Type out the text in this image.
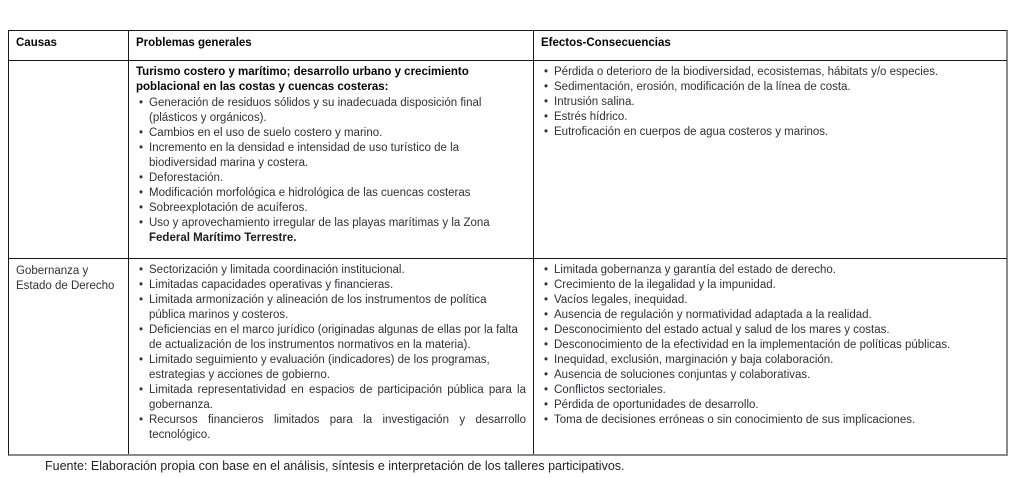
Causas	Problemas generales	Efectos-Consecuencias

Turismo costero y marítimo; desarrollo urbano y crecimiento poblacional en las costas y cuencas costeras:

• Generación de residuos sólidos y su inadecuada disposición final (plásticos y orgánicos).
• Cambios en el uso de suelo costero y marino.
• Incremento en la densidad e intensidad de uso turístico de la biodiversidad marina y costera.
• Deforestación.
• Modificación morfológica e hidrológica de las cuencas costeras
• Sobreexplotación de acuíferos.
• Uso y aprovechamiento irregular de las playas marítimas y la Zona Federal Marítimo Terrestre.
• Pérdida o deterioro de la biodiversidad, ecosistemas, hábitats y/o especies.
• Sedimentación, erosión, modificación de la línea de costa.
• Intrusión salina.
• Estrés hídrico.
• Eutroficación en cuerpos de agua costeros y marinos.
Gobernanza y Estado de Derecho
• Sectorización y limitada coordinación institucional.
• Limitadas capacidades operativas y financieras.
• Limitada armonización y alineación de los instrumentos de política pública marinos y costeros.
• Deficiencias en el marco jurídico (originadas algunas de ellas por la falta de actualización de los instrumentos normativos en la materia).
• Limitado seguimiento y evaluación (indicadores) de los programas, estrategias y acciones de gobierno.
• Limitada representatividad en espacios de participación pública para la gobernanza.
• Recursos financieros limitados para la investigación y desarrollo tecnológico.
• Limitada gobernanza y garantía del estado de derecho.
• Crecimiento de la ilegalidad y la impunidad.
• Vacíos legales, inequidad.
• Ausencia de regulación y normatividad adaptada a la realidad.
• Desconocimiento del estado actual y salud de los mares y costas.
• Desconocimiento de la efectividad en la implementación de políticas públicas.
• Inequidad, exclusión, marginación y baja colaboración.
• Ausencia de soluciones conjuntas y colaborativas.
• Conflictos sectoriales.
• Pérdida de oportunidades de desarrollo.
• Toma de decisiones erróneas o sin conocimiento de sus implicaciones.

Fuente: Elaboración propia con base en el análisis, síntesis e interpretación de los talleres participativos.
